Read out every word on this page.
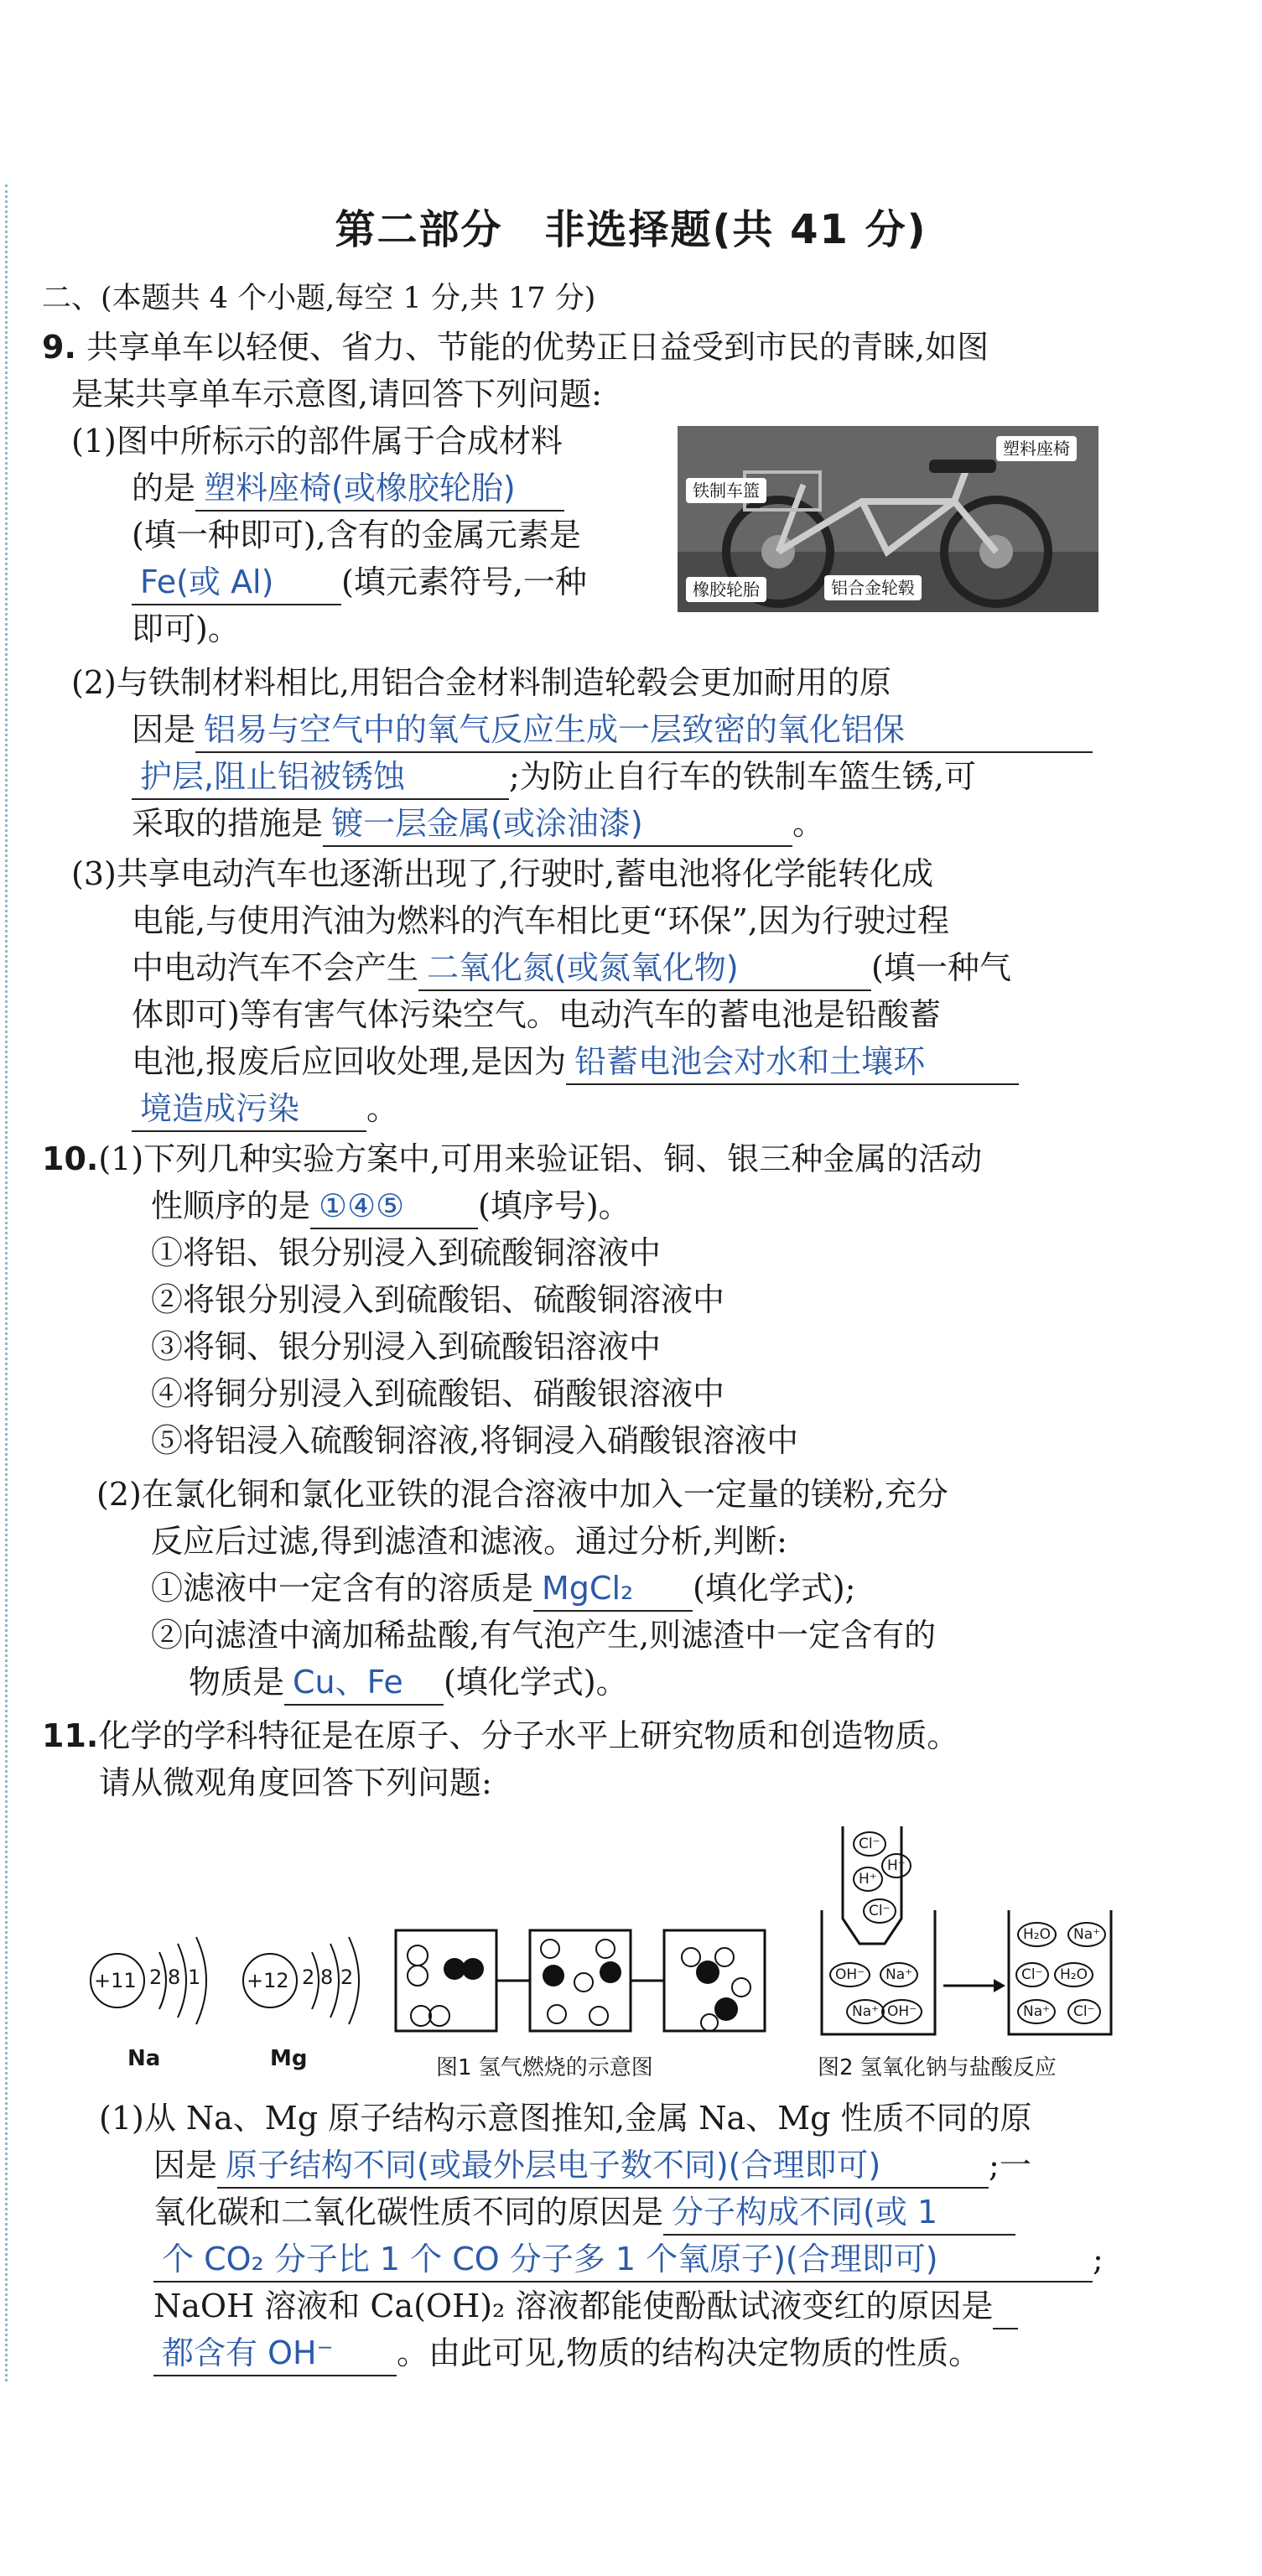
第二部分　非选择题(共 41 分)
二、(本题共 4 个小题,每空 1 分,共 17 分)
9. 共享单车以轻便、省力、节能的优势正日益受到市民的青睐,如图
是某共享单车示意图,请回答下列问题:
(1)图中所标示的部件属于合成材料
的是 塑料座椅(或橡胶轮胎)
(填一种即可),含有的金属元素是
Fe(或 Al) (填元素符号,一种
即可)。
塑料座椅
铁制车篮
橡胶轮胎	铝合金轮毂
(2)与铁制材料相比,用铝合金材料制造轮毂会更加耐用的原
因是 铝易与空气中的氧气反应生成一层致密的氧化铝保
护层,阻止铝被锈蚀	;为防止自行车的铁制车篮生锈,可
采取的措施是 镀一层金属(或涂油漆)	。
(3)共享电动汽车也逐渐出现了,行驶时,蓄电池将化学能转化成
电能,与使用汽油为燃料的汽车相比更“环保”,因为行驶过程
中电动汽车不会产生 二氧化氮(或氮氧化物)	(填一种气
体即可)等有害气体污染空气。电动汽车的蓄电池是铅酸蓄
电池,报废后应回收处理,是因为 铅蓄电池会对水和土壤环
境造成污染 。
10.(1)下列几种实验方案中,可用来验证铝、铜、银三种金属的活动
性顺序的是 ①④⑤ (填序号)。
①将铝、银分别浸入到硫酸铜溶液中
②将银分别浸入到硫酸铝、硫酸铜溶液中
③将铜、银分别浸入到硫酸铝溶液中
④将铜分别浸入到硫酸铝、硝酸银溶液中
⑤将铝浸入硫酸铜溶液,将铜浸入硝酸银溶液中
(2)在氯化铜和氯化亚铁的混合溶液中加入一定量的镁粉,充分
反应后过滤,得到滤渣和滤液。通过分析,判断:
①滤液中一定含有的溶质是 MgCl₂ (填化学式);
②向滤渣中滴加稀盐酸,有气泡产生,则滤渣中一定含有的
物质是 Cu、Fe (填化学式)。
11.化学的学科特征是在原子、分子水平上研究物质和创造物质。
请从微观角度回答下列问题:
+11 2 8 1 +12 2 8 2
Na	Mg	图1 氢气燃烧的示意图
Cl⁻
H⁺
H⁺
Cl⁻
OH⁻	Na⁺
Na⁺ OH⁻
H₂O	Na⁺
Cl⁻	H₂O
Na⁺	Cl⁻
图2 氢氧化钠与盐酸反应
(1)从 Na、Mg 原子结构示意图推知,金属 Na、Mg 性质不同的原
因是 原子结构不同(或最外层电子数不同)(合理即可)	;一
氧化碳和二氧化碳性质不同的原因是 分子构成不同(或 1
个 CO₂ 分子比 1 个 CO 分子多 1 个氧原子)(合理即可)	;
NaOH 溶液和 Ca(OH)₂ 溶液都能使酚酞试液变红的原因是
都含有 OH⁻ 。由此可见,物质的结构决定物质的性质。
